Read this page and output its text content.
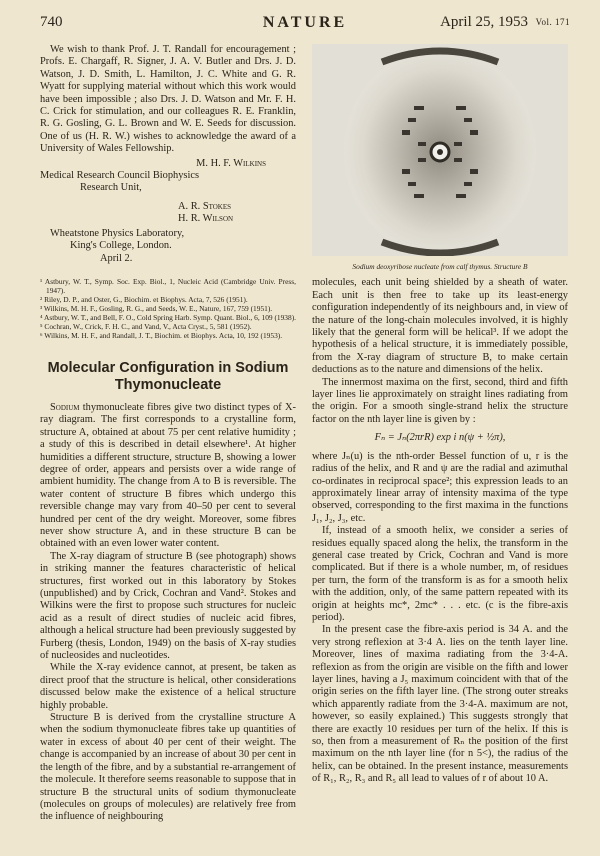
740	NATURE	April 25, 1953 Vol. 171

We wish to thank Prof. J. T. Randall for encouragement ; Profs. E. Chargaff, R. Signer, J. A. V. Butler and Drs. J. D. Watson, J. D. Smith, L. Hamilton, J. C. White and G. R. Wyatt for supplying material without which this work would have been impossible ; also Drs. J. D. Watson and Mr. F. H. C. Crick for stimulation, and our colleagues R. E. Franklin, R. G. Gosling, G. L. Brown and W. E. Seeds for discussion. One of us (H. R. W.) wishes to acknowledge the award of a University of Wales Fellowship.

M. H. F. Wilkins
Medical Research Council Biophysics
Research Unit,
A. R. Stokes
H. R. Wilson
Wheatstone Physics Laboratory,
King's College, London.
April 2.
¹ Astbury, W. T., Symp. Soc. Exp. Biol., 1, Nucleic Acid (Cambridge Univ. Press, 1947).
² Riley, D. P., and Oster, G., Biochim. et Biophys. Acta, 7, 526 (1951).
³ Wilkins, M. H. F., Gosling, R. G., and Seeds, W. E., Nature, 167, 759 (1951).
⁴ Astbury, W. T., and Bell, F. O., Cold Spring Harb. Symp. Quant. Biol., 6, 109 (1938).
⁵ Cochran, W., Crick, F. H. C., and Vand, V., Acta Cryst., 5, 581 (1952).
⁶ Wilkins, M. H. F., and Randall, J. T., Biochim. et Biophys. Acta, 10, 192 (1953).
Molecular Configuration in Sodium Thymonucleate

Sodium thymonucleate fibres give two distinct types of X-ray diagram. The first corresponds to a crystalline form, structure A, obtained at about 75 per cent relative humidity ; a study of this is described in detail elsewhere¹. At higher humidities a different structure, structure B, showing a lower degree of order, appears and persists over a wide range of ambient humidity. The change from A to B is reversible. The water content of structure B fibres which undergo this reversible change may vary from 40–50 per cent to several hundred per cent of the dry weight. Moreover, some fibres never show structure A, and in these structure B can be obtained with an even lower water content.

The X-ray diagram of structure B (see photograph) shows in striking manner the features characteristic of helical structures, first worked out in this laboratory by Stokes (unpublished) and by Crick, Cochran and Vand². Stokes and Wilkins were the first to propose such structures for nucleic acid as a result of direct studies of nucleic acid fibres, although a helical structure had been previously suggested by Furberg (thesis, London, 1949) on the basis of X-ray studies of nucleosides and nucleotides.

While the X-ray evidence cannot, at present, be taken as direct proof that the structure is helical, other considerations discussed below make the existence of a helical structure highly probable.

Structure B is derived from the crystalline structure A when the sodium thymonucleate fibres take up quantities of water in excess of about 40 per cent of their weight. The change is accompanied by an increase of about 30 per cent in the length of the fibre, and by a substantial re-arrangement of the molecule. It therefore seems reasonable to suppose that in structure B the structural units of sodium thymonucleate (molecules on groups of molecules) are relatively free from the influence of neighbouring

Sodium deoxyribose nucleate from calf thymus. Structure B

molecules, each unit being shielded by a sheath of water. Each unit is then free to take up its least-energy configuration independently of its neighbours and, in view of the nature of the long-chain molecules involved, it is highly likely that the general form will be helical³. If we adopt the hypothesis of a helical structure, it is immediately possible, from the X-ray diagram of structure B, to make certain deductions as to the nature and dimensions of the helix.

The innermost maxima on the first, second, third and fifth layer lines lie approximately on straight lines radiating from the origin. For a smooth single-strand helix the structure factor on the nth layer line is given by :

Fₙ = Jₙ(2πrR) exp i n(ψ + ½π),

where Jₙ(u) is the nth-order Bessel function of u, r is the radius of the helix, and R and ψ are the radial and azimuthal co-ordinates in reciprocal space²; this expression leads to an approximately linear array of intensity maxima of the type observed, corresponding to the first maxima in the functions J₁, J₂, J₃, etc.

If, instead of a smooth helix, we consider a series of residues equally spaced along the helix, the transform in the general case treated by Crick, Cochran and Vand is more complicated. But if there is a whole number, m, of residues per turn, the form of the transform is as for a smooth helix with the addition, only, of the same pattern repeated with its origin at heights mc*, 2mc* . . . etc. (c is the fibre-axis period).

In the present case the fibre-axis period is 34 A. and the very strong reflexion at 3·4 A. lies on the tenth layer line. Moreover, lines of maxima radiating from the 3·4-A. reflexion as from the origin are visible on the fifth and lower layer lines, having a J₅ maximum coincident with that of the origin series on the fifth layer line. (The strong outer streaks which apparently radiate from the 3·4-A. maximum are not, however, so easily explained.) This suggests strongly that there are exactly 10 residues per turn of the helix. If this is so, then from a measurement of Rₙ the position of the first maximum on the nth layer line (for n 5<), the radius of the helix, can be obtained. In the present instance, measurements of R₁, R₂, R₃ and R₅ all lead to values of r of about 10 A.
